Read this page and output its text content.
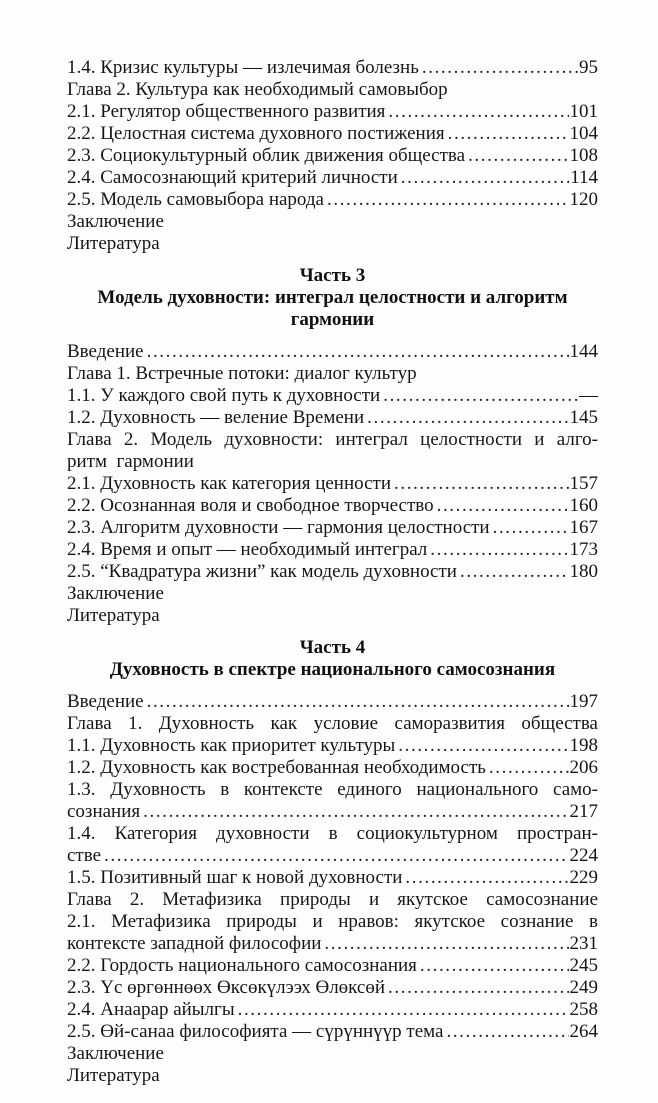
1.4. Кризис культуры — излечимая болезнь .....	95
Глава 2. Культура как необходимый самовыбор
2.1. Регулятор общественного развития .....	101
2.2. Целостная система духовного постижения .....	104
2.3. Социокультурный облик движения общества .....	108
2.4. Самосознающий критерий личности .....	114
2.5. Модель самовыбора народа .....	120
Заключение
Литература
Часть 3
Модель духовности: интеграл целостности и алгоритм
гармонии
Введение .....	144
Глава 1. Встречные потоки: диалог культур
1.1. У каждого свой путь к духовности .....	—
1.2. Духовность — веление Времени .....	145
Глава 2. Модель духовности: интеграл целостности и алго-
ритм  гармонии
2.1. Духовность как категория ценности .....	157
2.2. Осознанная воля и свободное творчество .....	160
2.3. Алгоритм духовности — гармония целостности .....	167
2.4. Время и опыт — необходимый интеграл .....	173
2.5. “Квадратура жизни” как модель духовности .....	180
Заключение
Литература
Часть 4
Духовность в спектре национального самосознания
Введение .....	197
Глава 1. Духовность как условие саморазвития общества
1.1. Духовность как приоритет культуры .....	198
1.2. Духовность как востребованная необходимость .....	206
1.3. Духовность в контексте единого национального само-
сознания .....	217
1.4. Категория духовности в социокультурном простран-
стве .....	224
1.5. Позитивный шаг к новой духовности .....	229
Глава 2. Метафизика природы и якутское самосознание
2.1. Метафизика природы и нравов: якутское сознание в
контексте западной философии .....	231
2.2. Гордость национального самосознания .....	245
2.3. Үс өргөннөөх Өксөкүлээх Өлөксөй .....	249
2.4. Анаарар айылгы .....	258
2.5. Өй-санаа философията — сүрүннүүр тема .....	264
Заключение
Литература
